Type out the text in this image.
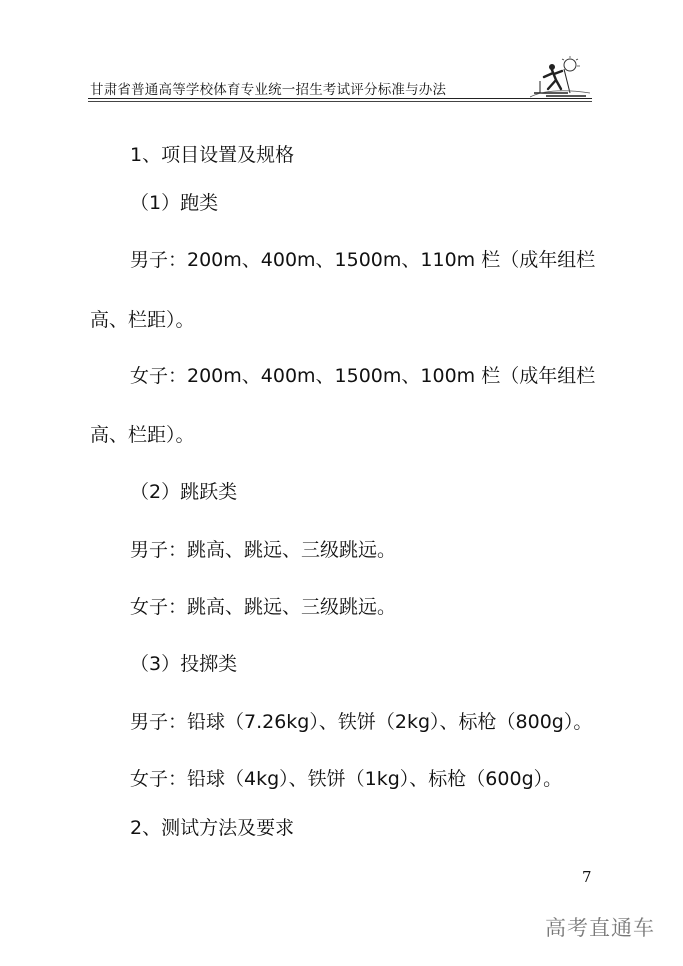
甘肃省普通高等学校体育专业统一招生考试评分标准与办法
1、项目设置及规格
（1）跑类
男子：200m、400m、1500m、110m 栏（成年组栏
高、栏距）。
女子：200m、400m、1500m、100m 栏（成年组栏
高、栏距）。
（2）跳跃类
男子：跳高、跳远、三级跳远。
女子：跳高、跳远、三级跳远。
（3）投掷类
男子：铅球（7.26kg）、铁饼（2kg）、标枪（800g）。
女子：铅球（4kg）、铁饼（1kg）、标枪（600g）。
2、测试方法及要求
7
高考直通车
